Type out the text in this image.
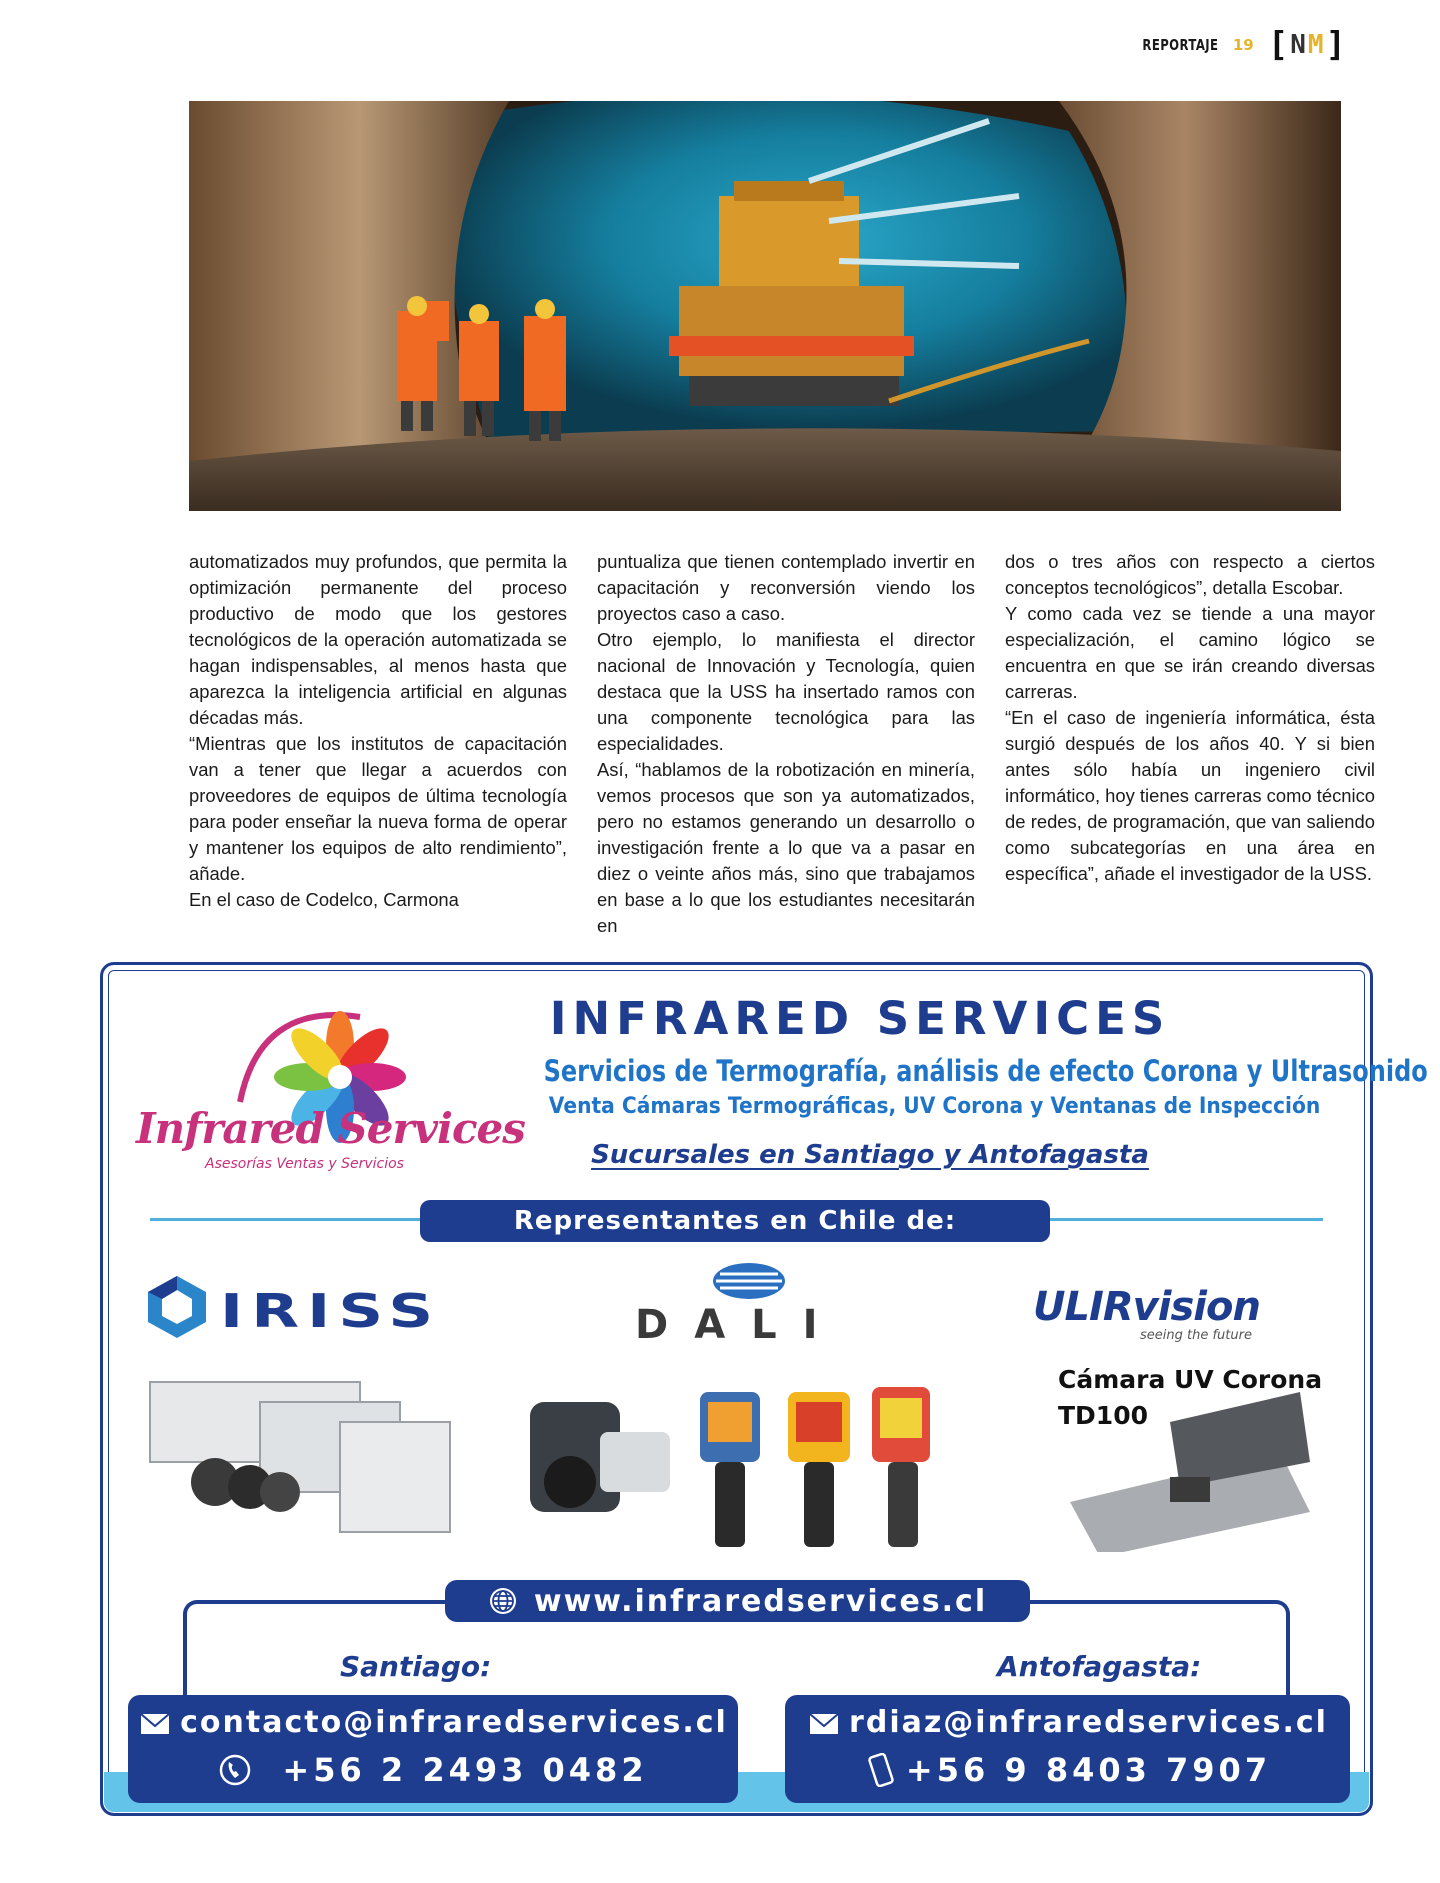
REPORTAJE 19 [ N M ]

automatizados muy profundos, que permita la optimización permanente del proceso productivo de modo que los gestores tecnológicos de la operación automatizada se hagan indispensables, al menos hasta que aparezca la inteligencia artificial en algunas décadas más.

“Mientras que los institutos de capacitación van a tener que llegar a acuerdos con proveedores de equipos de última tecnología para poder enseñar la nueva forma de operar y mantener los equipos de alto rendimiento”, añade.

En el caso de Codelco, Carmona

puntualiza que tienen contemplado invertir en capacitación y reconversión viendo los proyectos caso a caso.

Otro ejemplo, lo manifiesta el director nacional de Innovación y Tecnología, quien destaca que la USS ha insertado ramos con una componente tecnológica para las especialidades.

Así, “hablamos de la robotización en minería, vemos procesos que son ya automatizados, pero no estamos generando un desarrollo o investigación frente a lo que va a pasar en diez o veinte años más, sino que trabajamos en base a lo que los estudiantes necesitarán en

dos o tres años con respecto a ciertos conceptos tecnológicos”, detalla Escobar.

Y como cada vez se tiende a una mayor especialización, el camino lógico se encuentra en que se irán creando diversas carreras.

“En el caso de ingeniería informática, ésta surgió después de los años 40. Y si bien antes sólo había un ingeniero civil informático, hoy tienes carreras como técnico de redes, de programación, que van saliendo como subcategorías en una área en específica”, añade el investigador de la USS.

Infrared Services
Asesorías Ventas y Servicios
INFRARED SERVICES
Servicios de Termografía, análisis de efecto Corona y Ultrasonido
Venta Cámaras Termográficas, UV Corona y Ventanas de Inspección
Sucursales en Santiago y Antofagasta
Representantes en Chile de:
IRISS	DALI	ULIRvision
seeing the future
Cámara UV Corona
TD100
www.infraredservices.cl
Santiago:	Antofagasta:
contacto@infraredservices.cl
+56 2 2493 0482
rdiaz@infraredservices.cl
+56 9 8403 7907
